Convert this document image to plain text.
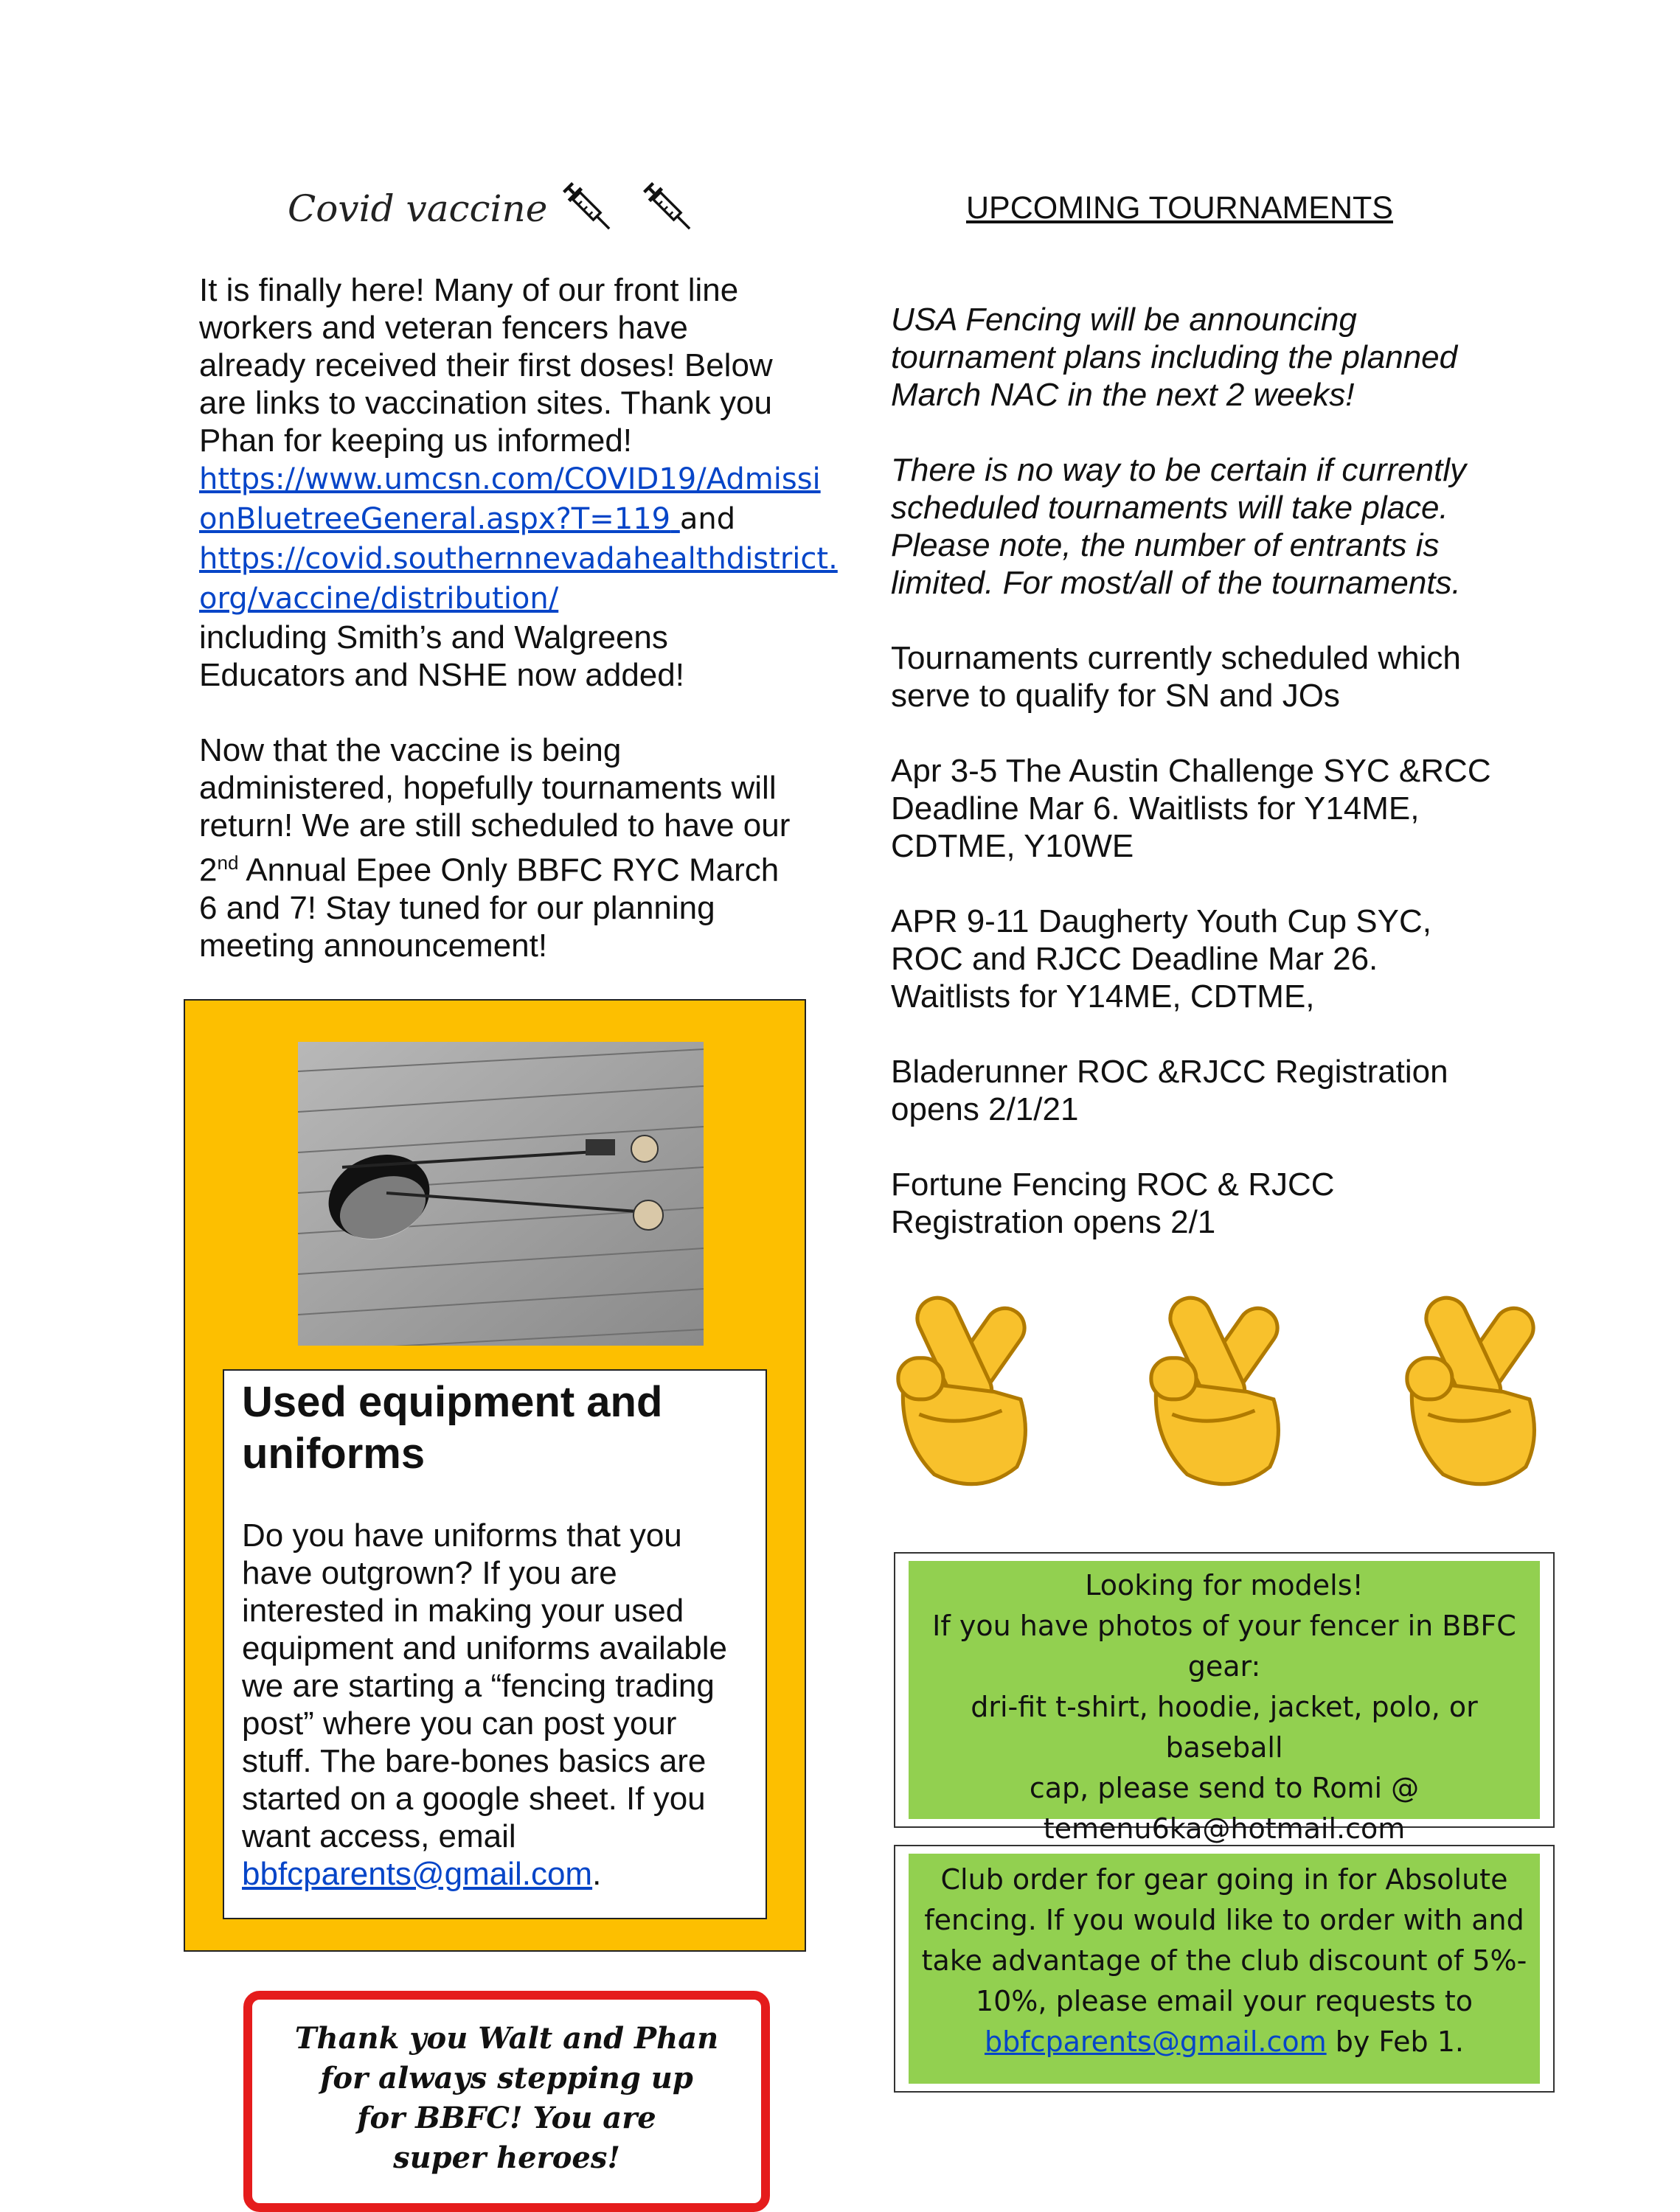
Covid vaccine

It is finally here! Many of our front line workers and veteran fencers have already received their first doses! Below are links to vaccination sites. Thank you Phan for keeping us informed!

https://www.umcsn.com/COVID19/Admissi
onBluetreeGeneral.aspx?T=119 and
https://covid.southernnevadahealthdistrict.
org/vaccine/distribution/

including Smith’s and Walgreens Educators and NSHE now added!

Now that the vaccine is being administered, hopefully tournaments will return! We are still scheduled to have our 2nd Annual Epee Only BBFC RYC March 6 and 7! Stay tuned for our planning meeting announcement!

Used equipment and uniforms

Do you have uniforms that you have outgrown? If you are interested in making your used equipment and uniforms available we are starting a “fencing trading post” where you can post your stuff. The bare-bones basics are started on a google sheet. If you want access, email bbfcparents@gmail.com.

Thank you Walt and Phan

for always stepping up

for BBFC! You are

super heroes!

UPCOMING TOURNAMENTS

USA Fencing will be announcing tournament plans including the planned March NAC in the next 2 weeks!

There is no way to be certain if currently scheduled tournaments will take place. Please note, the number of entrants is limited. For most/all of the tournaments.

Tournaments currently scheduled which serve to qualify for SN and JOs

Apr 3-5 The Austin Challenge SYC &RCC Deadline Mar 6. Waitlists for Y14ME, CDTME, Y10WE

APR 9-11 Daugherty Youth Cup SYC, ROC and RJCC Deadline Mar 26. Waitlists for Y14ME, CDTME,

Bladerunner ROC &RJCC Registration opens 2/1/21

Fortune Fencing ROC & RJCC Registration opens 2/1

Looking for models!

If you have photos of your fencer in BBFC

gear:

dri-fit t-shirt, hoodie, jacket, polo, or baseball

cap, please send to Romi @

temenu6ka@hotmail.com

Club order for gear going in for Absolute

fencing. If you would like to order with and

take advantage of the club discount of 5%-

10%, please email your requests to

bbfcparents@gmail.com by Feb 1.
